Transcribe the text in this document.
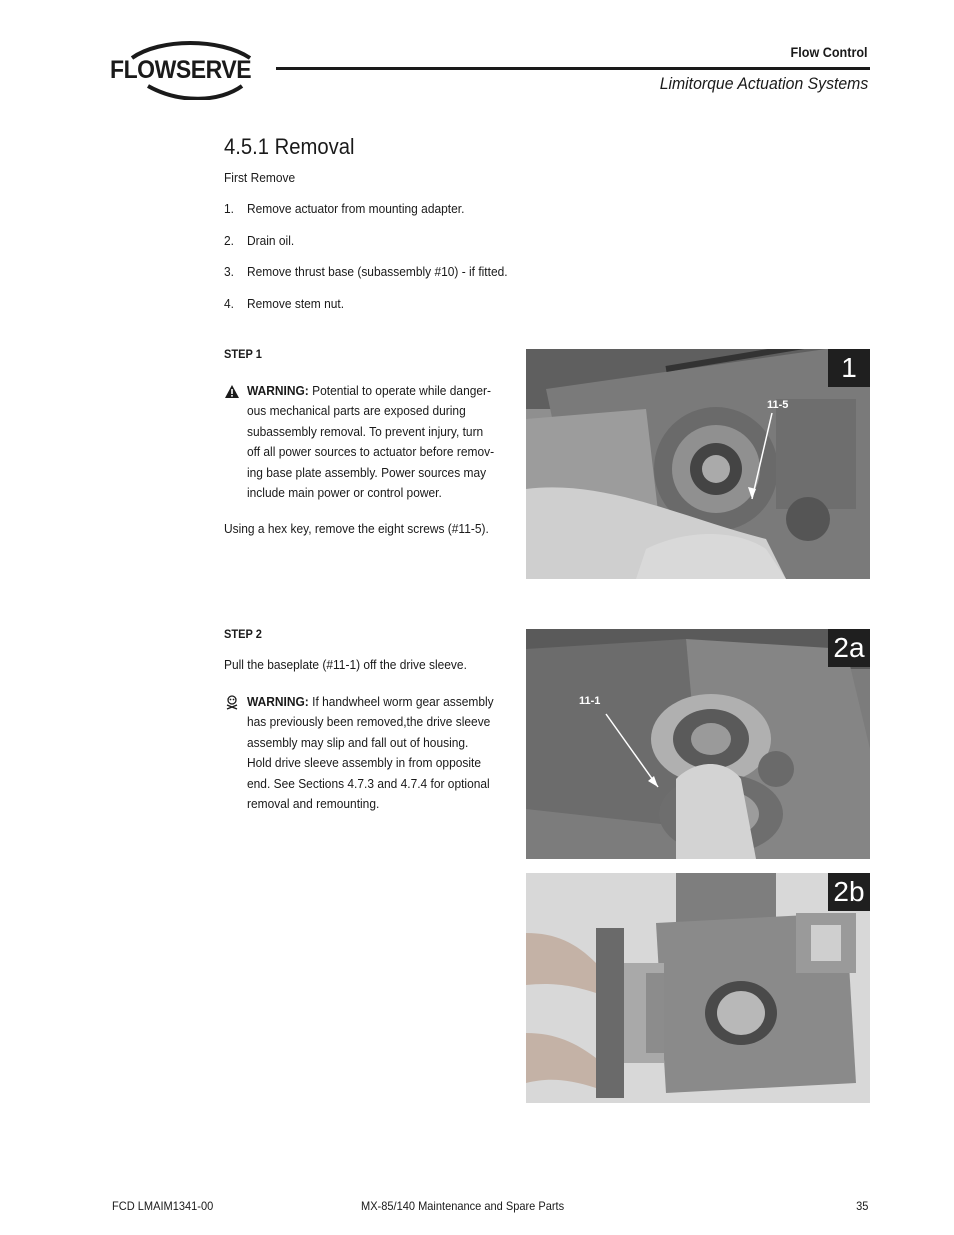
FLOWSERVE
Flow Control
Limitorque Actuation Systems
4.5.1 Removal
First Remove
1. Remove actuator from mounting adapter.
2. Drain oil.
3. Remove thrust base (subassembly #10) - if fitted.
4. Remove stem nut.
STEP 1
WARNING: Potential to operate while danger-
ous mechanical parts are exposed during
subassembly removal. To prevent injury, turn
off all power sources to actuator before remov-
ing base plate assembly. Power sources may
include main power or control power.
Using a hex key, remove the eight screws (#11-5).
11-5
1
STEP 2
Pull the baseplate (#11-1) off the drive sleeve.
WARNING: If handwheel worm gear assembly
has previously been removed,the drive sleeve
assembly may slip and fall out of housing.
Hold drive sleeve assembly in from opposite
end. See Sections 4.7.3 and 4.7.4 for optional
removal and remounting.
11-1
2a
2b
FCD LMAIM1341-00	MX-85/140 Maintenance and Spare Parts	35
